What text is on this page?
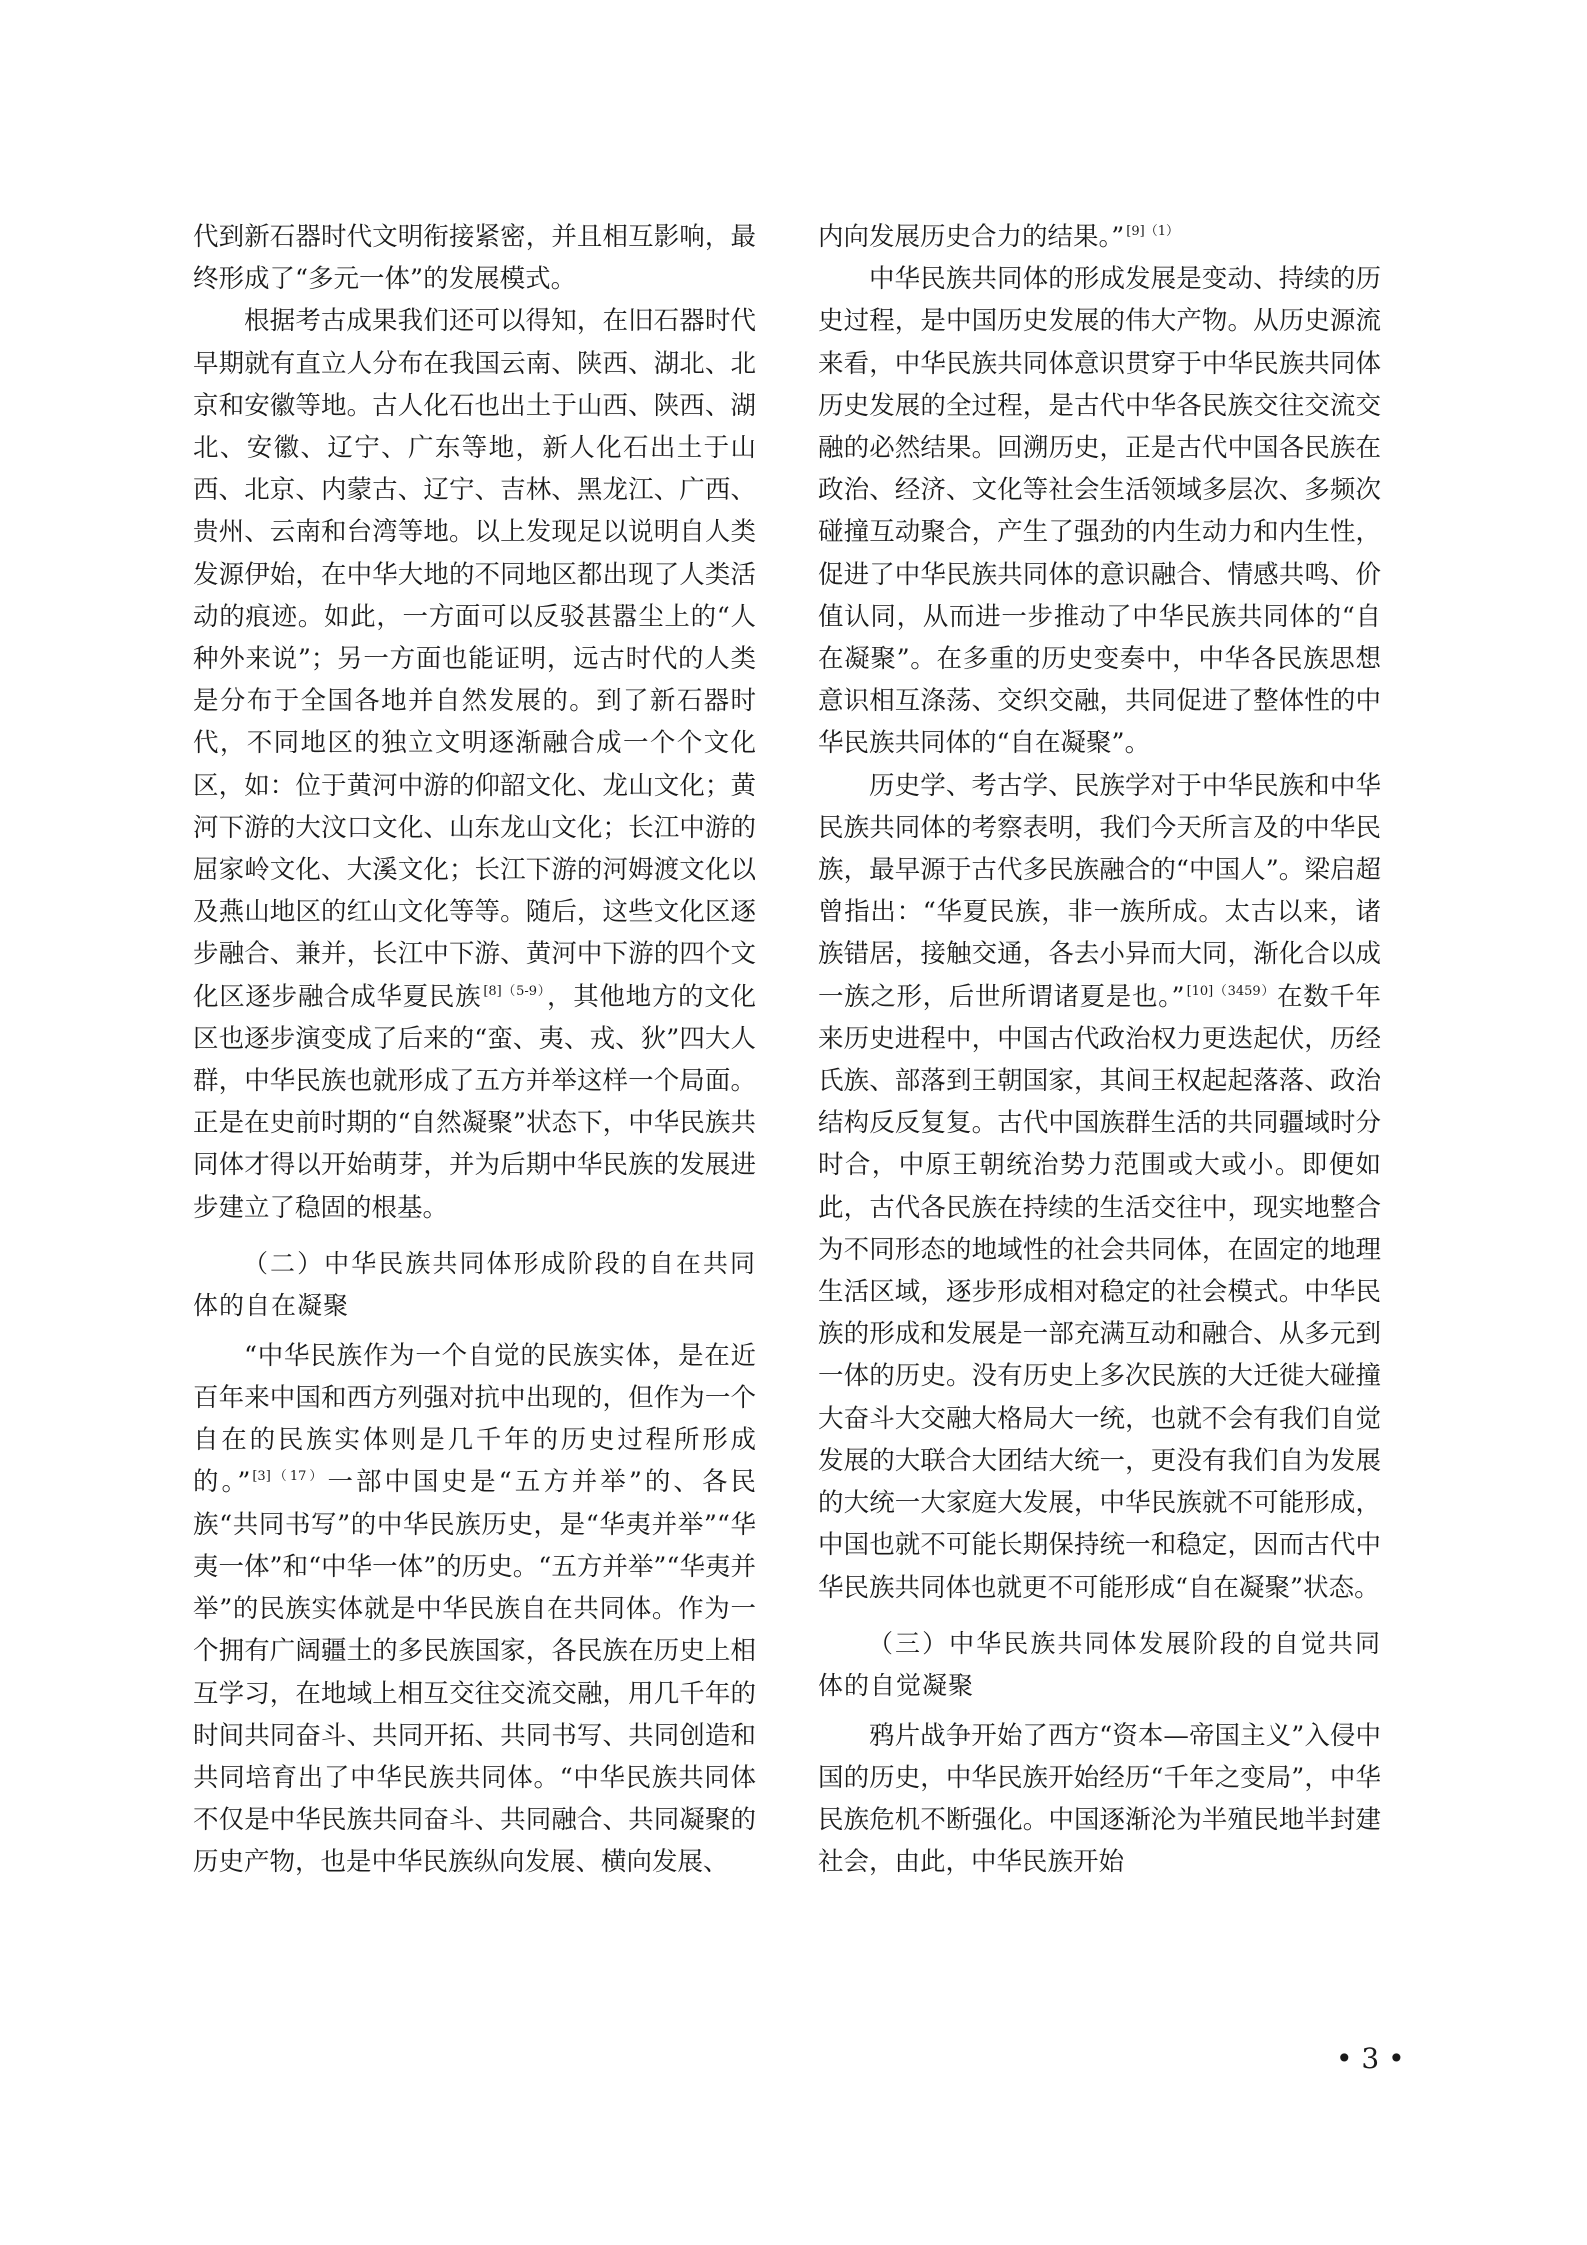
代到新石器时代文明衔接紧密，并且相互影响，最终形成了“多元一体”的发展模式。

根据考古成果我们还可以得知，在旧石器时代早期就有直立人分布在我国云南、陕西、湖北、北京和安徽等地。古人化石也出土于山西、陕西、湖北、安徽、辽宁、广东等地，新人化石出土于山西、北京、内蒙古、辽宁、吉林、黑龙江、广西、贵州、云南和台湾等地。以上发现足以说明自人类发源伊始，在中华大地的不同地区都出现了人类活动的痕迹。如此，一方面可以反驳甚嚣尘上的“人种外来说”；另一方面也能证明，远古时代的人类是分布于全国各地并自然发展的。到了新石器时代，不同地区的独立文明逐渐融合成一个个文化区，如：位于黄河中游的仰韶文化、龙山文化；黄河下游的大汶口文化、山东龙山文化；长江中游的屈家岭文化、大溪文化；长江下游的河姆渡文化以及燕山地区的红山文化等等。随后，这些文化区逐步融合、兼并，长江中下游、黄河中下游的四个文化区逐步融合成华夏民族 $^{[8](5-9)}$，其他地方的文化区也逐步演变成了后来的“蛮、夷、戎、狄”四大人群，中华民族也就形成了五方并举这样一个局面。正是在史前时期的“自然凝聚”状态下，中华民族共同体才得以开始萌芽，并为后期中华民族的发展进步建立了稳固的根基。

（二）中华民族共同体形成阶段的自在共同体的自在凝聚

“中华民族作为一个自觉的民族实体，是在近百年来中国和西方列强对抗中出现的，但作为一个自在的民族实体则是几千年的历史过程所形成的。” $^{[3](17)}$一部中国史是“五方并举”的、各民族“共同书写”的中华民族历史，是“华夷并举”“华夷一体”和“中华一体”的历史。“五方并举”“华夷并举”的民族实体就是中华民族自在共同体。作为一个拥有广阔疆土的多民族国家，各民族在历史上相互学习，在地域上相互交往交流交融，用几千年的时间共同奋斗、共同开拓、共同书写、共同创造和共同培育出了中华民族共同体。“中华民族共同体不仅是中华民族共同奋斗、共同融合、共同凝聚的历史产物，也是中华民族纵向发展、横向发展、

内向发展历史合力的结果。” $^{[9](1)}$

中华民族共同体的形成发展是变动、持续的历史过程，是中国历史发展的伟大产物。从历史源流来看，中华民族共同体意识贯穿于中华民族共同体历史发展的全过程，是古代中华各民族交往交流交融的必然结果。回溯历史，正是古代中国各民族在政治、经济、文化等社会生活领域多层次、多频次碰撞互动聚合，产生了强劲的内生动力和内生性，促进了中华民族共同体的意识融合、情感共鸣、价值认同，从而进一步推动了中华民族共同体的“自在凝聚”。在多重的历史变奏中，中华各民族思想意识相互涤荡、交织交融，共同促进了整体性的中华民族共同体的“自在凝聚”。

历史学、考古学、民族学对于中华民族和中华民族共同体的考察表明，我们今天所言及的中华民族，最早源于古代多民族融合的“中国人”。梁启超曾指出：“华夏民族，非一族所成。太古以来，诸族错居，接触交通，各去小异而大同，渐化合以成一族之形，后世所谓诸夏是也。” $^{[10](3459)}$在数千年来历史进程中，中国古代政治权力更迭起伏，历经氏族、部落到王朝国家，其间王权起起落落、政治结构反反复复。古代中国族群生活的共同疆域时分时合，中原王朝统治势力范围或大或小。即便如此，古代各民族在持续的生活交往中，现实地整合为不同形态的地域性的社会共同体，在固定的地理生活区域，逐步形成相对稳定的社会模式。中华民族的形成和发展是一部充满互动和融合、从多元到一体的历史。没有历史上多次民族的大迁徙大碰撞大奋斗大交融大格局大一统，也就不会有我们自觉发展的大联合大团结大统一，更没有我们自为发展的大统一大家庭大发展，中华民族就不可能形成，中国也就不可能长期保持统一和稳定，因而古代中华民族共同体也就更不可能形成“自在凝聚”状态。

（三）中华民族共同体发展阶段的自觉共同体的自觉凝聚

鸦片战争开始了西方“资本—帝国主义”入侵中国的历史，中华民族开始经历“千年之变局”，中华民族危机不断强化。中国逐渐沦为半殖民地半封建社会，由此，中华民族开始

• 3 •
